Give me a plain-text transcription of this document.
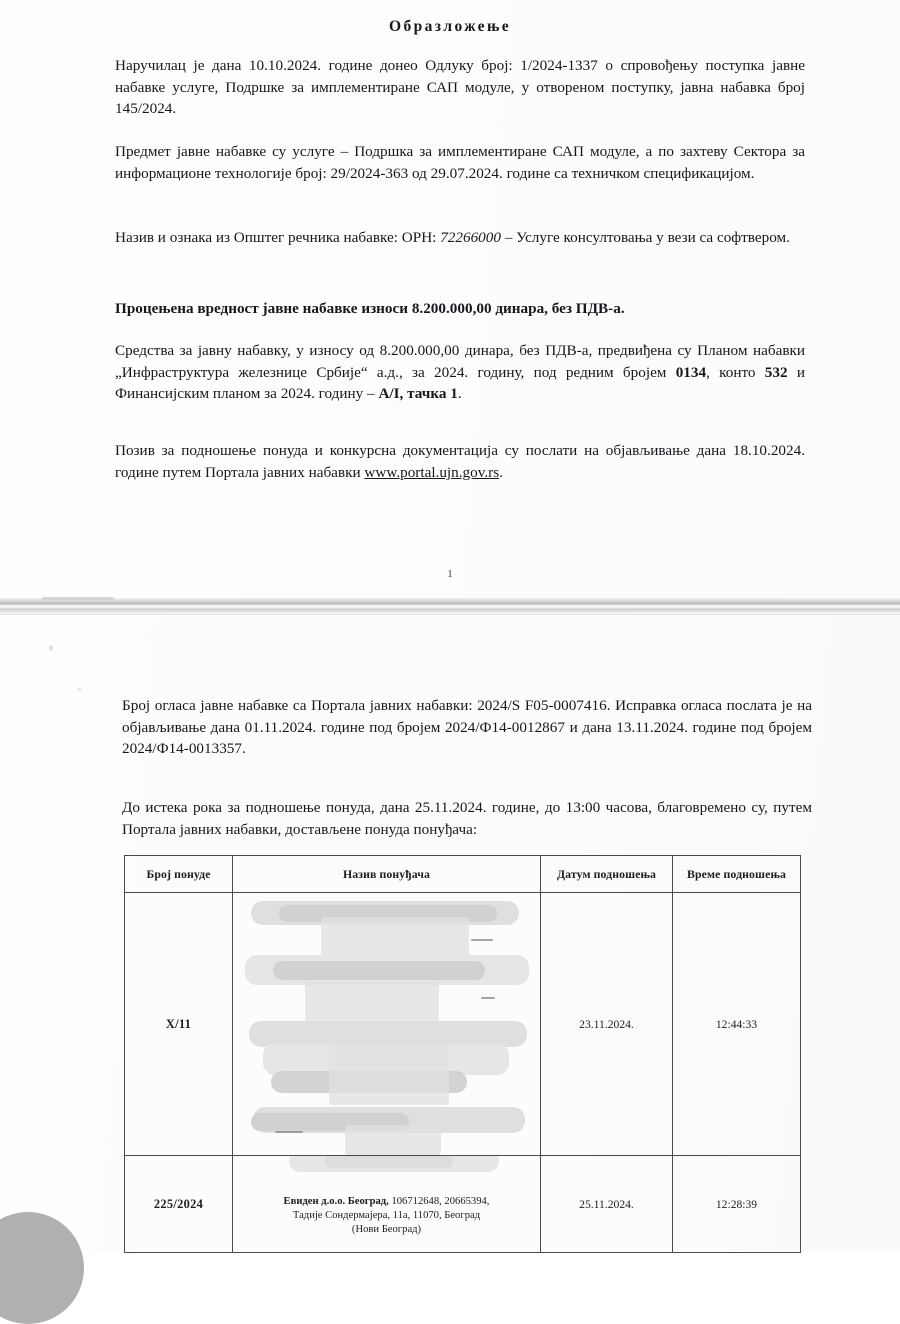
Образложење

Наручилац је дана 10.10.2024. године донео Одлуку број: 1/2024-1337 о спровођењу поступка јавне набавке услуге, Подршке за имплементиране САП модуле, у отвореном поступку, јавна набавка број 145/2024.

Предмет јавне набавке су услуге – Подршка за имплементиране САП модуле, а по захтеву Сектора за информационе технологије број: 29/2024-363 од 29.07.2024. године са техничком спецификацијом.

Назив и ознака из Општег речника набавке: ОРН: 72266000 – Услуге консултовања у вези са софтвером.

Процењена вредност јавне набавке износи 8.200.000,00 динара, без ПДВ-а.

Средства за јавну набавку, у износу од 8.200.000,00 динара, без ПДВ-а, предвиђена су Планом набавки „Инфраструктура железнице Србије“ а.д., за 2024. годину, под редним бројем 0134, конто 532 и Финансијским планом за 2024. годину – А/I, тачка 1.

Позив за подношење понуда и конкурсна документација су послати на објављивање дана 18.10.2024. године путем Портала јавних набавки www.portal.ujn.gov.rs.

1

Број огласа јавне набавке са Портала јавних набавки: 2024/S F05-0007416. Исправка огласа послата је на објављивање дана 01.11.2024. године под бројем 2024/Ф14-0012867 и дана 13.11.2024. године под бројем 2024/Ф14-0013357.

До истека рока за подношење понуда, дана 25.11.2024. године, до 13:00 часова, благовремено су, путем Портала јавних набавки, достављене понуда понуђача:

Број понуде	Назив понуђача	Датум подношења	Време подношења
X/11		23.11.2024.	12:44:33
225/2024	Евиден д.о.о. Београд, 106712648, 20665394,
Тадије Сондермајера, 11а, 11070, Београд
(Нови Београд)	25.11.2024.	12:28:39
